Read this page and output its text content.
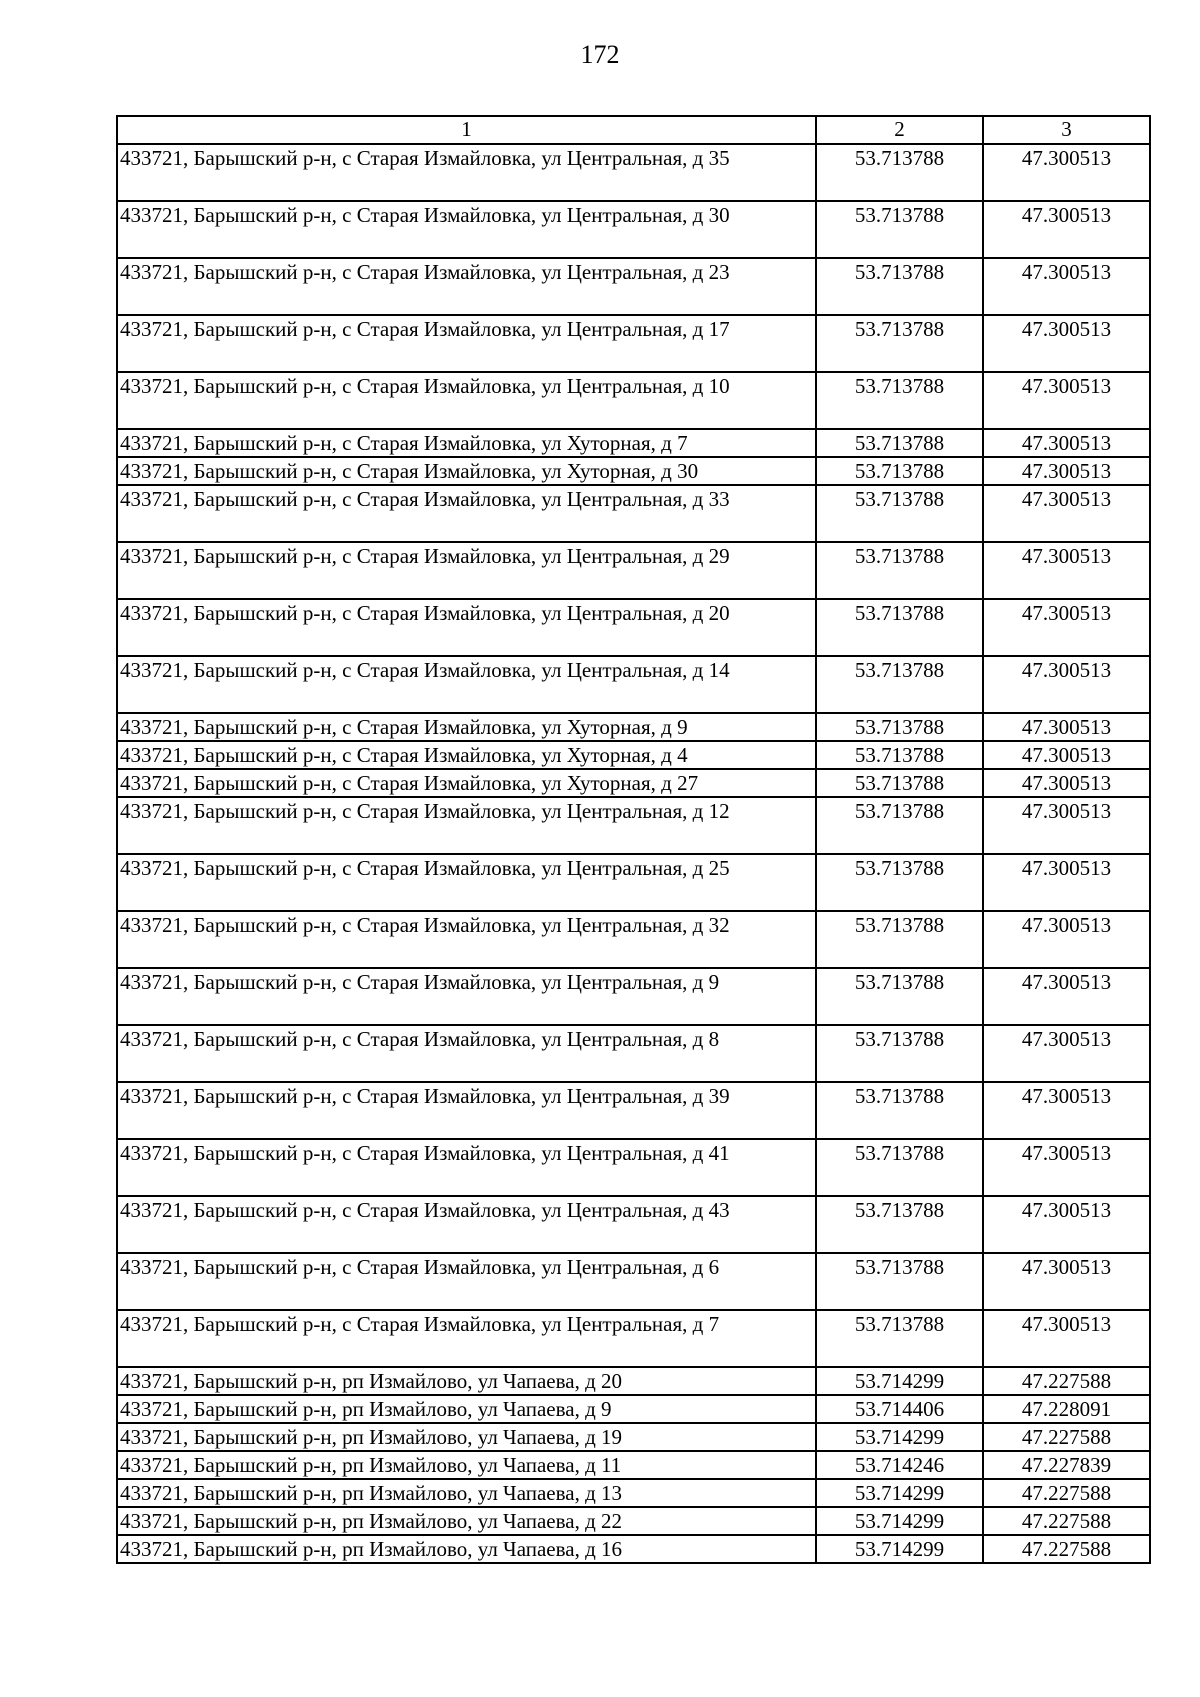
172
1	2	3
433721, Барышский р-н, с Старая Измайловка, ул Центральная, д 35	53.713788	47.300513
433721, Барышский р-н, с Старая Измайловка, ул Центральная, д 30	53.713788	47.300513
433721, Барышский р-н, с Старая Измайловка, ул Центральная, д 23	53.713788	47.300513
433721, Барышский р-н, с Старая Измайловка, ул Центральная, д 17	53.713788	47.300513
433721, Барышский р-н, с Старая Измайловка, ул Центральная, д 10	53.713788	47.300513
433721, Барышский р-н, с Старая Измайловка, ул Хуторная, д 7	53.713788	47.300513
433721, Барышский р-н, с Старая Измайловка, ул Хуторная, д 30	53.713788	47.300513
433721, Барышский р-н, с Старая Измайловка, ул Центральная, д 33	53.713788	47.300513
433721, Барышский р-н, с Старая Измайловка, ул Центральная, д 29	53.713788	47.300513
433721, Барышский р-н, с Старая Измайловка, ул Центральная, д 20	53.713788	47.300513
433721, Барышский р-н, с Старая Измайловка, ул Центральная, д 14	53.713788	47.300513
433721, Барышский р-н, с Старая Измайловка, ул Хуторная, д 9	53.713788	47.300513
433721, Барышский р-н, с Старая Измайловка, ул Хуторная, д 4	53.713788	47.300513
433721, Барышский р-н, с Старая Измайловка, ул Хуторная, д 27	53.713788	47.300513
433721, Барышский р-н, с Старая Измайловка, ул Центральная, д 12	53.713788	47.300513
433721, Барышский р-н, с Старая Измайловка, ул Центральная, д 25	53.713788	47.300513
433721, Барышский р-н, с Старая Измайловка, ул Центральная, д 32	53.713788	47.300513
433721, Барышский р-н, с Старая Измайловка, ул Центральная, д 9	53.713788	47.300513
433721, Барышский р-н, с Старая Измайловка, ул Центральная, д 8	53.713788	47.300513
433721, Барышский р-н, с Старая Измайловка, ул Центральная, д 39	53.713788	47.300513
433721, Барышский р-н, с Старая Измайловка, ул Центральная, д 41	53.713788	47.300513
433721, Барышский р-н, с Старая Измайловка, ул Центральная, д 43	53.713788	47.300513
433721, Барышский р-н, с Старая Измайловка, ул Центральная, д 6	53.713788	47.300513
433721, Барышский р-н, с Старая Измайловка, ул Центральная, д 7	53.713788	47.300513
433721, Барышский р-н, рп Измайлово, ул Чапаева, д 20	53.714299	47.227588
433721, Барышский р-н, рп Измайлово, ул Чапаева, д 9	53.714406	47.228091
433721, Барышский р-н, рп Измайлово, ул Чапаева, д 19	53.714299	47.227588
433721, Барышский р-н, рп Измайлово, ул Чапаева, д 11	53.714246	47.227839
433721, Барышский р-н, рп Измайлово, ул Чапаева, д 13	53.714299	47.227588
433721, Барышский р-н, рп Измайлово, ул Чапаева, д 22	53.714299	47.227588
433721, Барышский р-н, рп Измайлово, ул Чапаева, д 16	53.714299	47.227588
